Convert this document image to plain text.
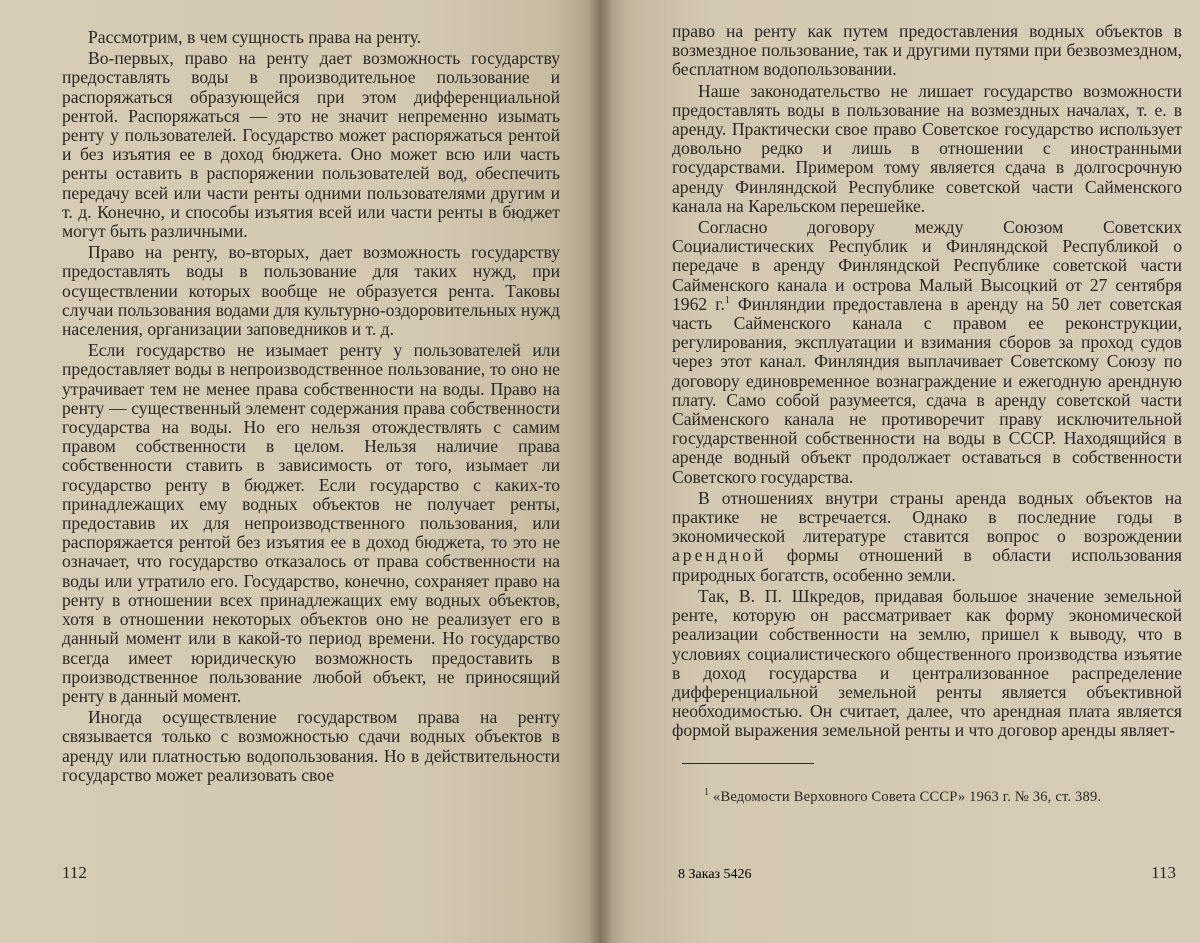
Рассмотрим, в чем сущность права на ренту.

Во-первых, право на ренту дает возможность государству предоставлять воды в производительное пользование и распоряжаться образующейся при этом дифференциальной рентой. Распоряжаться — это не значит непременно изымать ренту у пользователей. Государство может распоряжаться рентой и без изъятия ее в доход бюджета. Оно может всю или часть ренты оставить в распоряжении пользователей вод, обеспечить передачу всей или части ренты одними пользователями другим и т. д. Конечно, и способы изъятия всей или части ренты в бюджет могут быть различными.

Право на ренту, во-вторых, дает возможность государству предоставлять воды в пользование для таких нужд, при осуществлении которых вообще не образуется рента. Таковы случаи пользования водами для культурно-оздоровительных нужд населения, организации заповедников и т. д.

Если государство не изымает ренту у пользователей или предоставляет воды в непроизводственное пользование, то оно не утрачивает тем не менее права собственности на воды. Право на ренту — существенный элемент содержания права собственности государства на воды. Но его нельзя отождествлять с самим правом собственности в целом. Нельзя наличие права собственности ставить в зависимость от того, изымает ли государство ренту в бюджет. Если государство с каких-то принадлежащих ему водных объектов не получает ренты, предоставив их для непроизводственного пользования, или распоряжается рентой без изъятия ее в доход бюджета, то это не означает, что государство отказалось от права собственности на воды или утратило его. Государство, конечно, сохраняет право на ренту в отношении всех принадлежащих ему водных объектов, хотя в отношении некоторых объектов оно не реализует его в данный момент или в какой-то период времени. Но государство всегда имеет юридическую возможность предоставить в производственное пользование любой объект, не приносящий ренту в данный момент.

Иногда осуществление государством права на ренту связывается только с возможностью сдачи водных объектов в аренду или платностью водопользования. Но в действительности государство может реализовать свое

112

право на ренту как путем предоставления водных объектов в возмездное пользование, так и другими путями при безвозмездном, бесплатном водопользовании.

Наше законодательство не лишает государство возможности предоставлять воды в пользование на возмездных началах, т. е. в аренду. Практически свое право Советское государство использует довольно редко и лишь в отношении с иностранными государствами. Примером тому является сдача в долгосрочную аренду Финляндской Республике советской части Сайменского канала на Карельском перешейке.

Согласно договору между Союзом Советских Социалистических Республик и Финляндской Республикой о передаче в аренду Финляндской Республике советской части Сайменского канала и острова Малый Высоцкий от 27 сентября 1962 г.$^1$ Финляндии предоставлена в аренду на 50 лет советская часть Сайменского канала с правом ее реконструкции, регулирования, эксплуатации и взимания сборов за проход судов через этот канал. Финляндия выплачивает Советскому Союзу по договору единовременное вознаграждение и ежегодную арендную плату. Само собой разумеется, сдача в аренду советской части Сайменского канала не противоречит праву исключительной государственной собственности на воды в СССР. Находящийся в аренде водный объект продолжает оставаться в собственности Советского государства.

В отношениях внутри страны аренда водных объектов на практике не встречается. Однако в последние годы в экономической литературе ставится вопрос о возрождении арендной формы отношений в области использования природных богатств, особенно земли.

Так, В. П. Шкредов, придавая большое значение земельной ренте, которую он рассматривает как форму экономической реализации собственности на землю, пришел к выводу, что в условиях социалистического общественного производства изъятие в доход государства и централизованное распределение дифференциальной земельной ренты является объективной необходимостью. Он считает, далее, что арендная плата является формой выражения земельной ренты и что договор аренды являет-

$^1$ «Ведомости Верховного Совета СССР» 1963 г. № 36, ст. 389.
113
8 Заказ 5426
